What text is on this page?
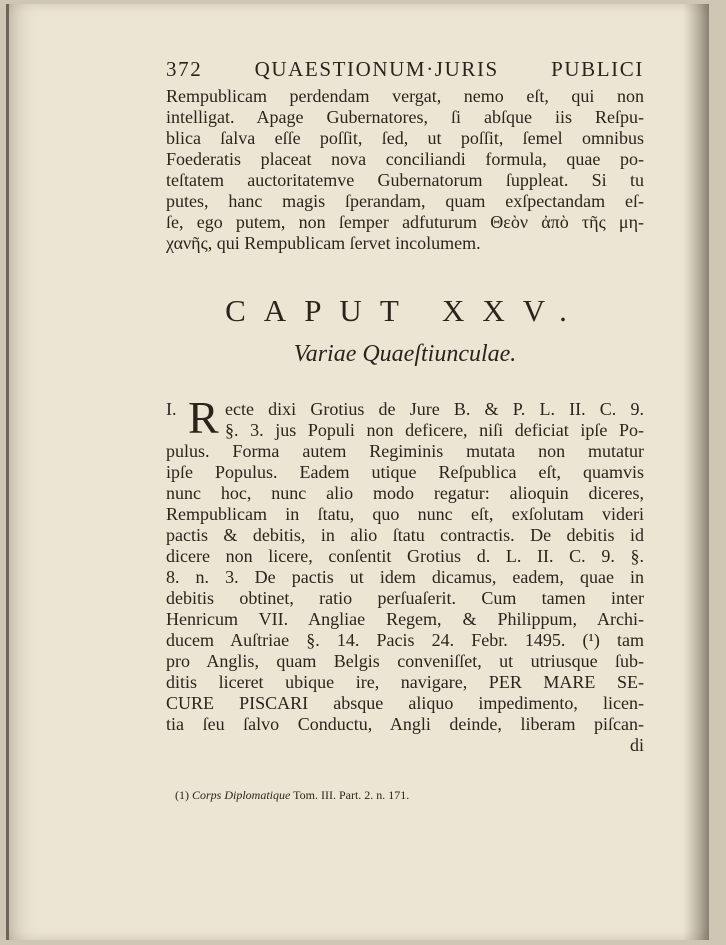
372 QUAESTIONUM·JURIS PUBLICI
Rempublicam perdendam vergat, nemo eſt, qui non
intelligat. Apage Gubernatores, ſi abſque iis Reſpu-
blica ſalva eſſe poſſit, ſed, ut poſſit, ſemel omnibus
Foederatis placeat nova conciliandi formula, quae po-
teſtatem auctoritatemve Gubernatorum ſuppleat. Si tu
putes, hanc magis ſperandam, quam exſpectandam eſ-
ſe, ego putem, non ſemper adfuturum Θεὸν ἀπὸ τῆς μη-
χανῆς, qui Rempublicam ſervet incolumem.
CAPUT XXV.
Variae Quaeſtiunculae.
I. R ecte dixi Grotius de Jure B. & P. L. II. C. 9.
§. 3. jus Populi non deficere, niſi deficiat ipſe Po-
pulus. Forma autem Regiminis mutata non mutatur
ipſe Populus. Eadem utique Reſpublica eſt, quamvis
nunc hoc, nunc alio modo regatur: alioquin diceres,
Rempublicam in ſtatu, quo nunc eſt, exſolutam videri
pactis & debitis, in alio ſtatu contractis. De debitis id
dicere non licere, conſentit Grotius d. L. II. C. 9. §.
8. n. 3. De pactis ut idem dicamus, eadem, quae in
debitis obtinet, ratio perſuaſerit. Cum tamen inter
Henricum VII. Angliae Regem, & Philippum, Archi-
ducem Auſtriae §. 14. Pacis 24. Febr. 1495. (¹) tam
pro Anglis, quam Belgis conveniſſet, ut utriusque ſub-
ditis liceret ubique ire, navigare, PER MARE SE-
CURE PISCARI absque aliquo impedimento, licen-
tia ſeu ſalvo Conductu, Angli deinde, liberam piſcan-
di
(1) Corps Diplomatique Tom. III. Part. 2. n. 171.
